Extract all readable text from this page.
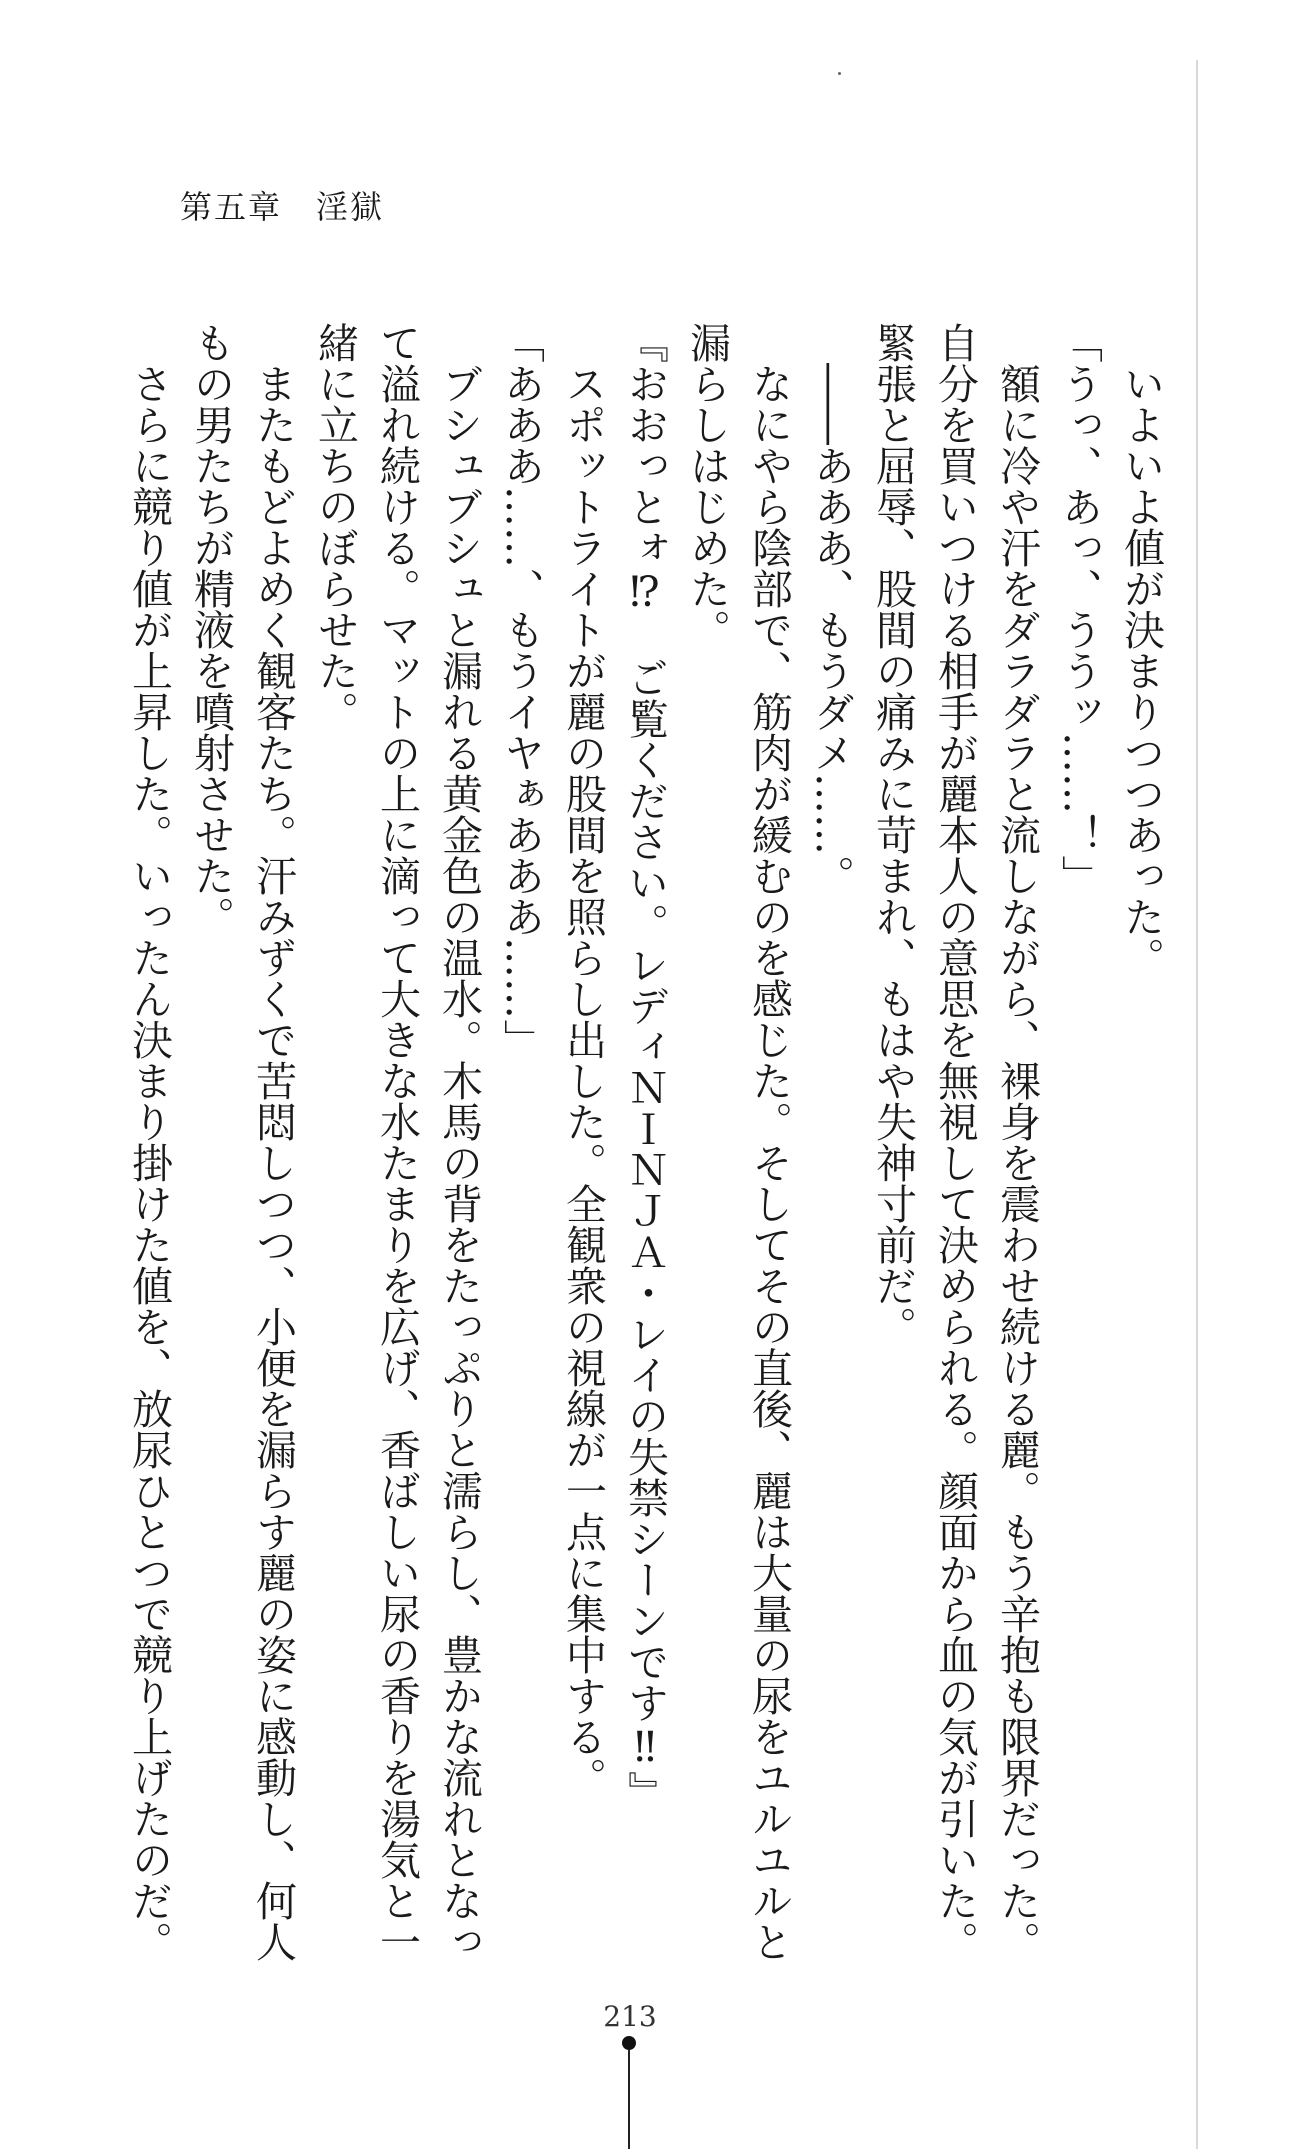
第五章　淫獄
　いよいよ値が決まりつつあった。
「うっ、あっ、ううッ……！」
　額に冷や汗をダラダラと流しながら、裸身を震わせ続ける麗。もう辛抱も限界だった。
自分を買いつける相手が麗本人の意思を無視して決められる。顔面から血の気が引いた。
緊張と屈辱、股間の痛みに苛まれ、もはや失神寸前だ。
　――あああ、もうダメ……。
　なにやら陰部で、筋肉が緩むのを感じた。そしてその直後、麗は大量の尿をユルユルと
漏らしはじめた。
『おおっとォ⁉　ご覧ください。レディＮＩＮＪＡ・レイの失禁シーンです‼』
　スポットライトが麗の股間を照らし出した。全観衆の視線が一点に集中する。
「あああ……、もうイヤぁあああ……」
　ブシュブシュと漏れる黄金色の温水。木馬の背をたっぷりと濡らし、豊かな流れとなっ
て溢れ続ける。マットの上に滴って大きな水たまりを広げ、香ばしい尿の香りを湯気と一
緒に立ちのぼらせた。
　またもどよめく観客たち。汗みずくで苦悶しつつ、小便を漏らす麗の姿に感動し、何人
もの男たちが精液を噴射させた。
　さらに競り値が上昇した。いったん決まり掛けた値を、放尿ひとつで競り上げたのだ。
213
